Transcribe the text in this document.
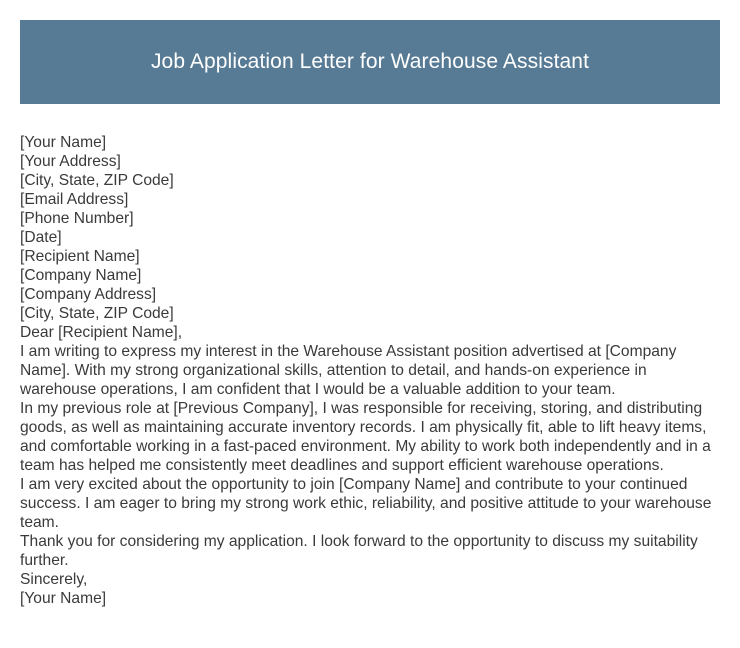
Job Application Letter for Warehouse Assistant

[Your Name]

[Your Address]

[City, State, ZIP Code]

[Email Address]

[Phone Number]

[Date]

[Recipient Name]

[Company Name]

[Company Address]

[City, State, ZIP Code]

Dear [Recipient Name],

I am writing to express my interest in the Warehouse Assistant position advertised at [Company Name]. With my strong organizational skills, attention to detail, and hands-on experience in warehouse operations, I am confident that I would be a valuable addition to your team.

In my previous role at [Previous Company], I was responsible for receiving, storing, and distributing goods, as well as maintaining accurate inventory records. I am physically fit, able to lift heavy items, and comfortable working in a fast-paced environment. My ability to work both independently and in a team has helped me consistently meet deadlines and support efficient warehouse operations.

I am very excited about the opportunity to join [Company Name] and contribute to your continued success. I am eager to bring my strong work ethic, reliability, and positive attitude to your warehouse team.

Thank you for considering my application. I look forward to the opportunity to discuss my suitability further.

Sincerely,

[Your Name]
